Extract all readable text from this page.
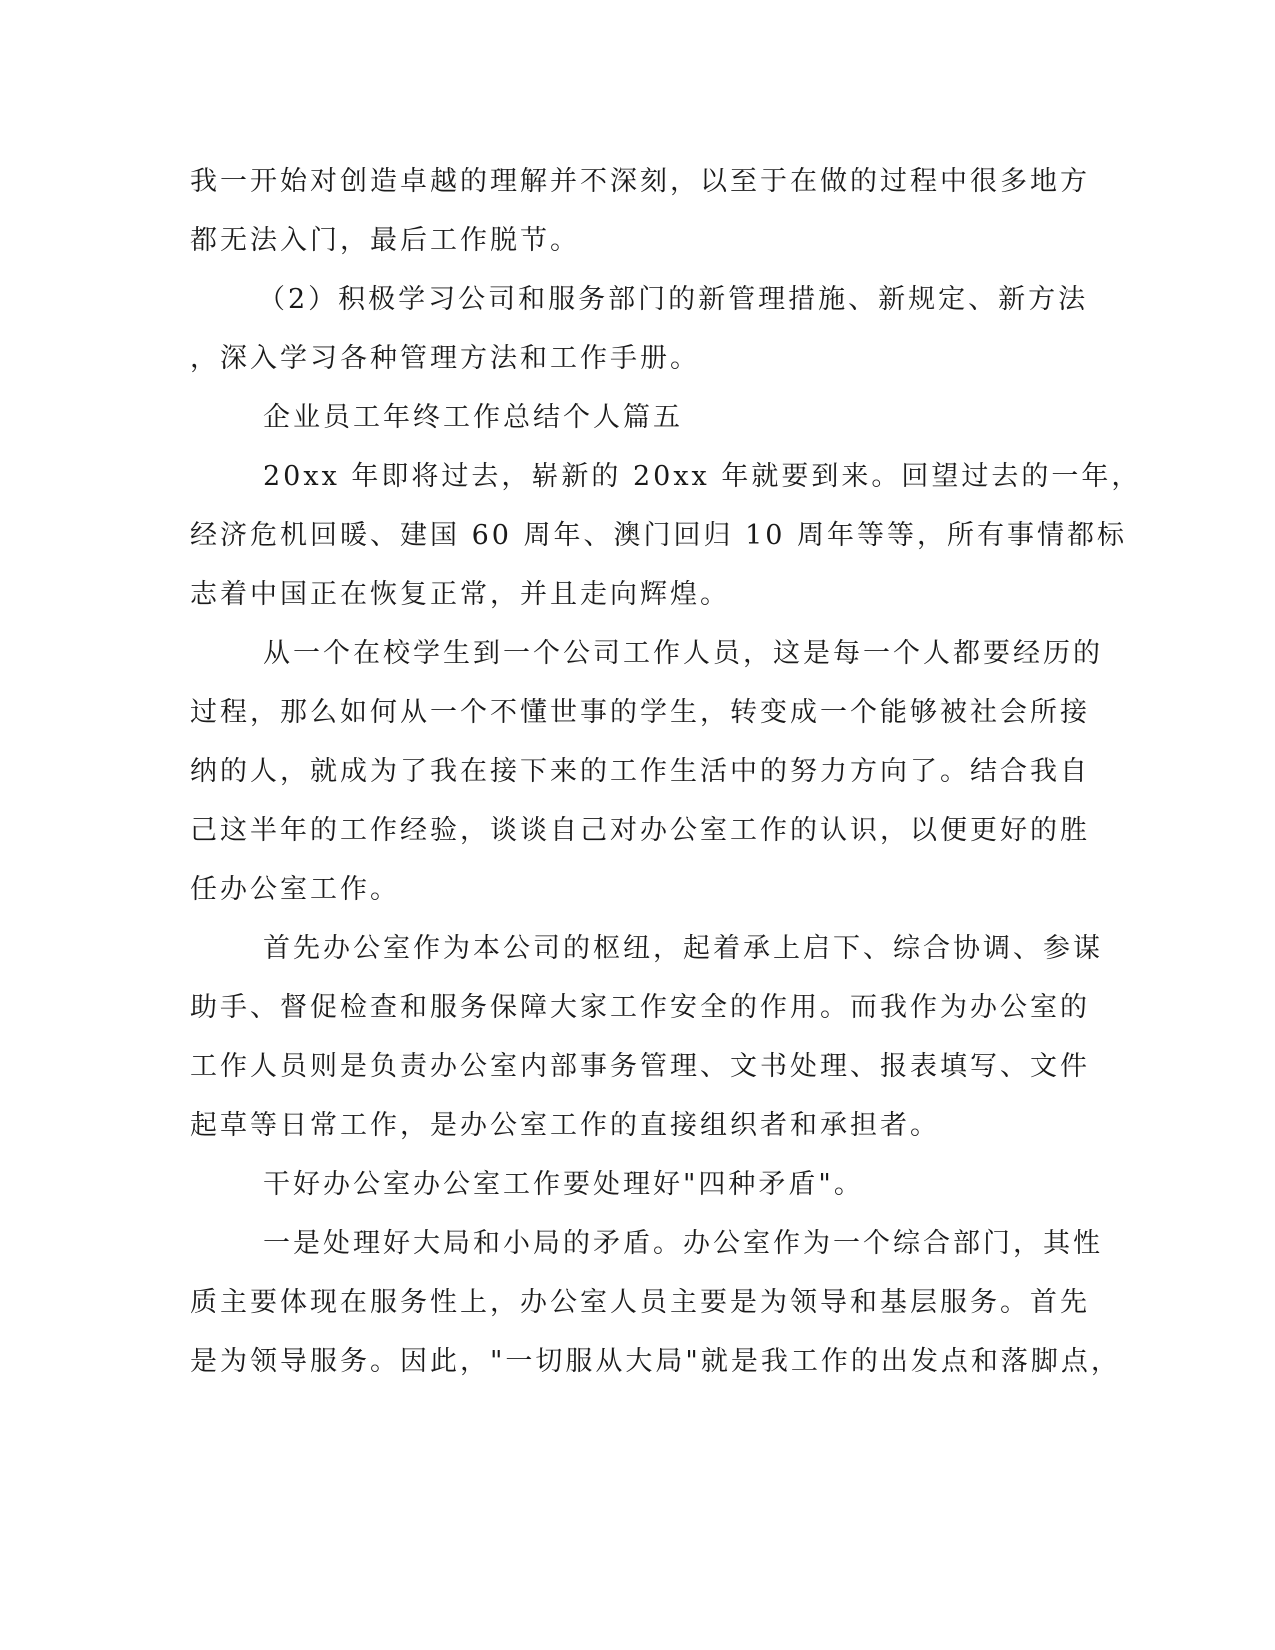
我一开始对创造卓越的理解并不深刻，以至于在做的过程中很多地方
都无法入门，最后工作脱节。
（2）积极学习公司和服务部门的新管理措施、新规定、新方法
，深入学习各种管理方法和工作手册。
企业员工年终工作总结个人篇五
20xx 年即将过去，崭新的 20xx 年就要到来。回望过去的一年，
经济危机回暖、建国 60 周年、澳门回归 10 周年等等，所有事情都标
志着中国正在恢复正常，并且走向辉煌。
从一个在校学生到一个公司工作人员，这是每一个人都要经历的
过程，那么如何从一个不懂世事的学生，转变成一个能够被社会所接
纳的人，就成为了我在接下来的工作生活中的努力方向了。结合我自
己这半年的工作经验，谈谈自己对办公室工作的认识，以便更好的胜
任办公室工作。
首先办公室作为本公司的枢纽，起着承上启下、综合协调、参谋
助手、督促检查和服务保障大家工作安全的作用。而我作为办公室的
工作人员则是负责办公室内部事务管理、文书处理、报表填写、文件
起草等日常工作，是办公室工作的直接组织者和承担者。
干好办公室办公室工作要处理好"四种矛盾"。
一是处理好大局和小局的矛盾。办公室作为一个综合部门，其性
质主要体现在服务性上，办公室人员主要是为领导和基层服务。首先
是为领导服务。因此，"一切服从大局"就是我工作的出发点和落脚点，
